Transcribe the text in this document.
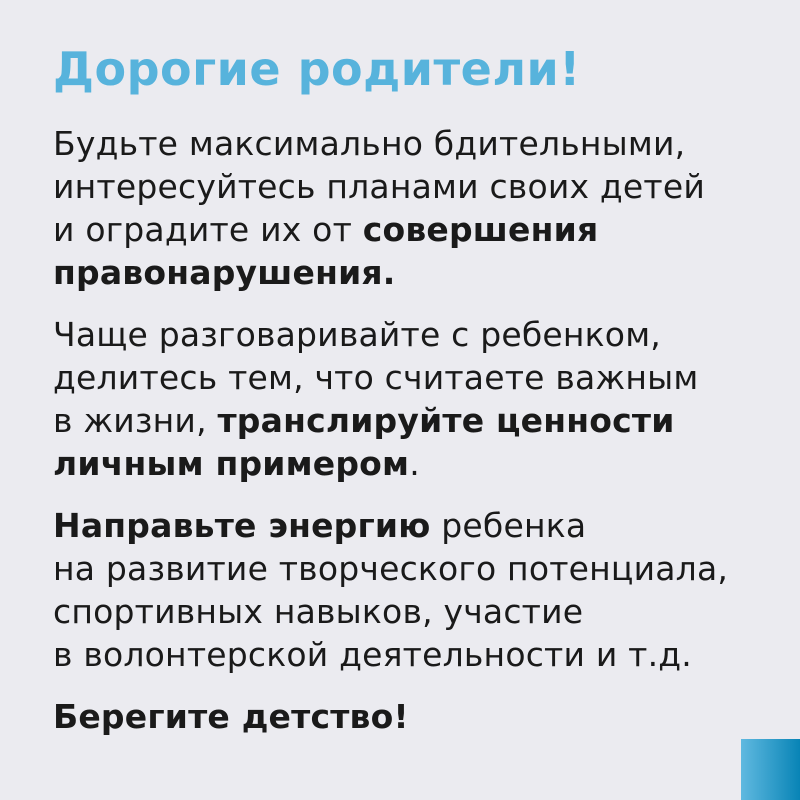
Дорогие родители!

Будьте максимально бдительными,
интересуйтесь планами своих детей
и оградите их от совершения
правонарушения.

Чаще разговаривайте с ребенком,
делитесь тем, что считаете важным
в жизни, транслируйте ценности
личным примером.

Направьте энергию ребенка
на развитие творческого потенциала,
спортивных навыков, участие
в волонтерской деятельности и т.д.

Берегите детство!
